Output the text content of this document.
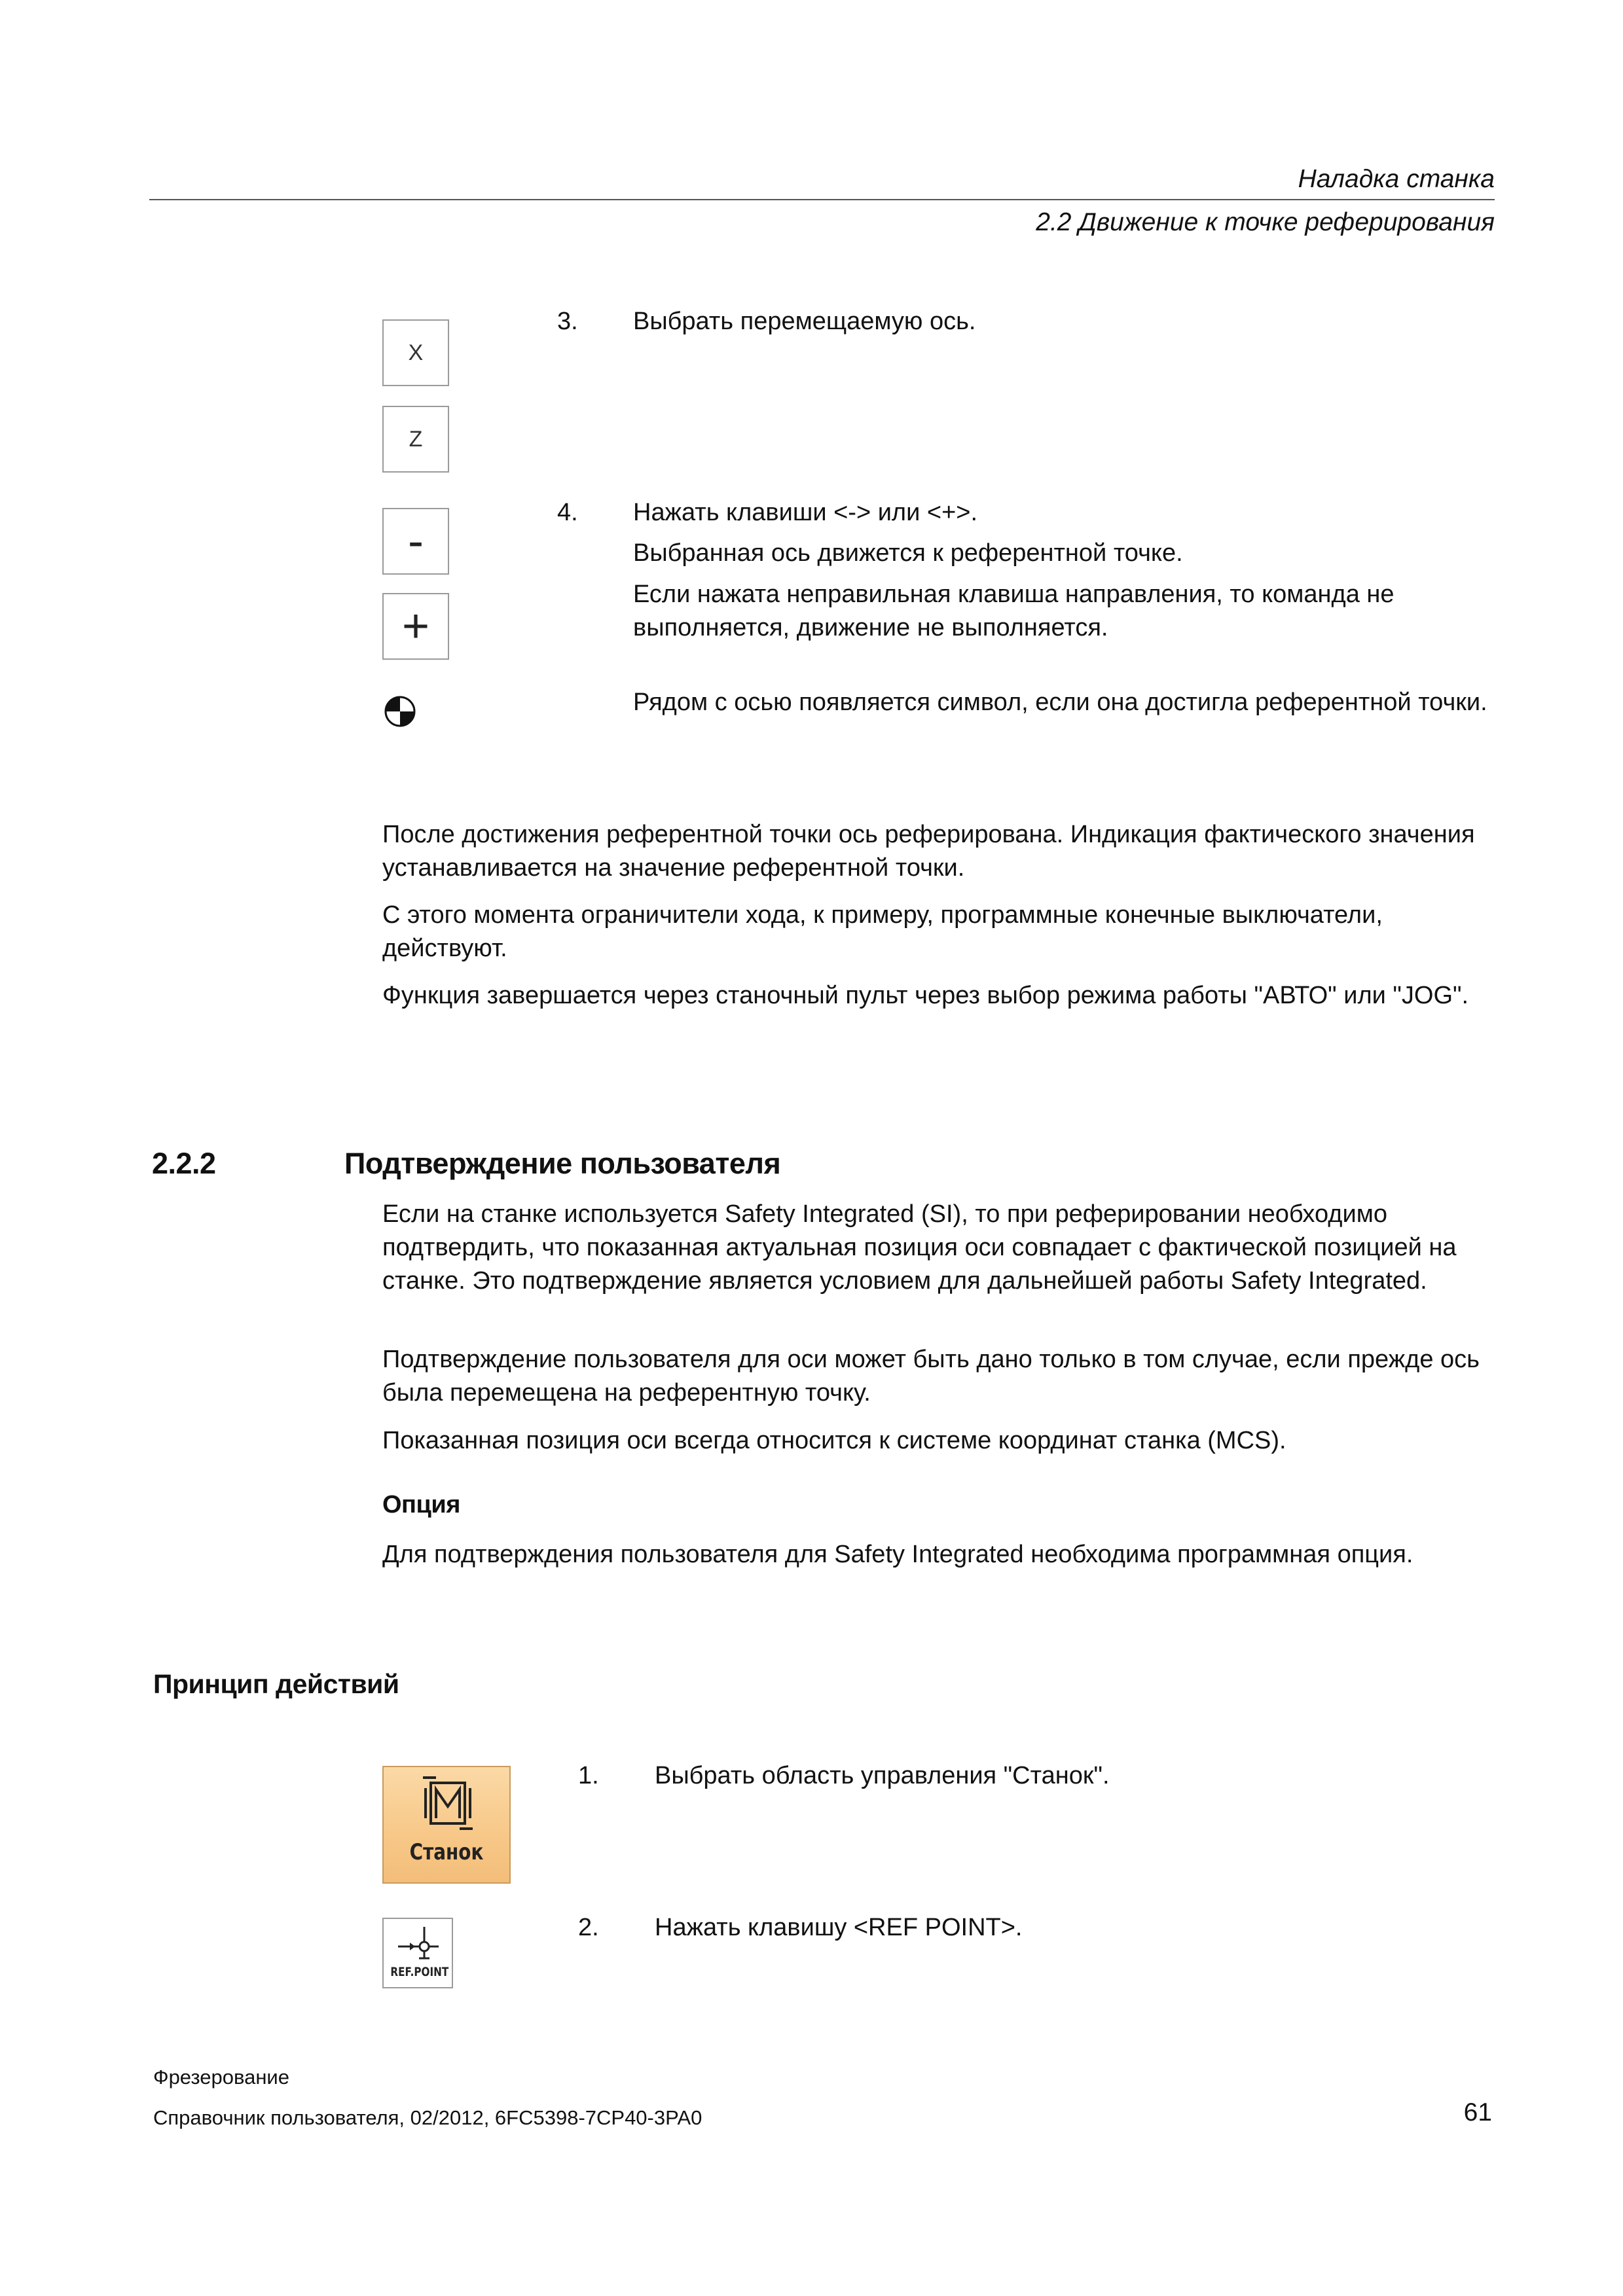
Наладка станка
2.2 Движение к точке реферирования
X
Z
3. Выбрать перемещаемую ось.
-
+
4. Нажать клавиши <-> или <+>.
Выбранная ось движется к референтной точке.
Если нажата неправильная клавиша направления, то команда не выполняется, движение не выполняется.
Рядом с осью появляется символ, если она достигла референтной точки.
После достижения референтной точки ось реферирована. Индикация фактического значения устанавливается на значение референтной точки.
С этого момента ограничители хода, к примеру, программные конечные выключатели, действуют.
Функция завершается через станочный пульт через выбор режима работы "АВТО" или "JOG".
2.2.2	Подтверждение пользователя
Если на станке используется Safety Integrated (SI), то при реферировании необходимо подтвердить, что показанная актуальная позиция оси совпадает с фактической позицией на станке. Это подтверждение является условием для дальнейшей работы Safety Integrated.
Подтверждение пользователя для оси может быть дано только в том случае, если прежде ось была перемещена на референтную точку.
Показанная позиция оси всегда относится к системе координат станка (MCS).
Опция
Для подтверждения пользователя для Safety Integrated необходима программная опция.
Принцип действий
Станок
1. Выбрать область управления "Станок".
REF.POINT
2. Нажать клавишу <REF POINT>.
Фрезерование
Справочник пользователя, 02/2012, 6FC5398-7CP40-3PA0	61
